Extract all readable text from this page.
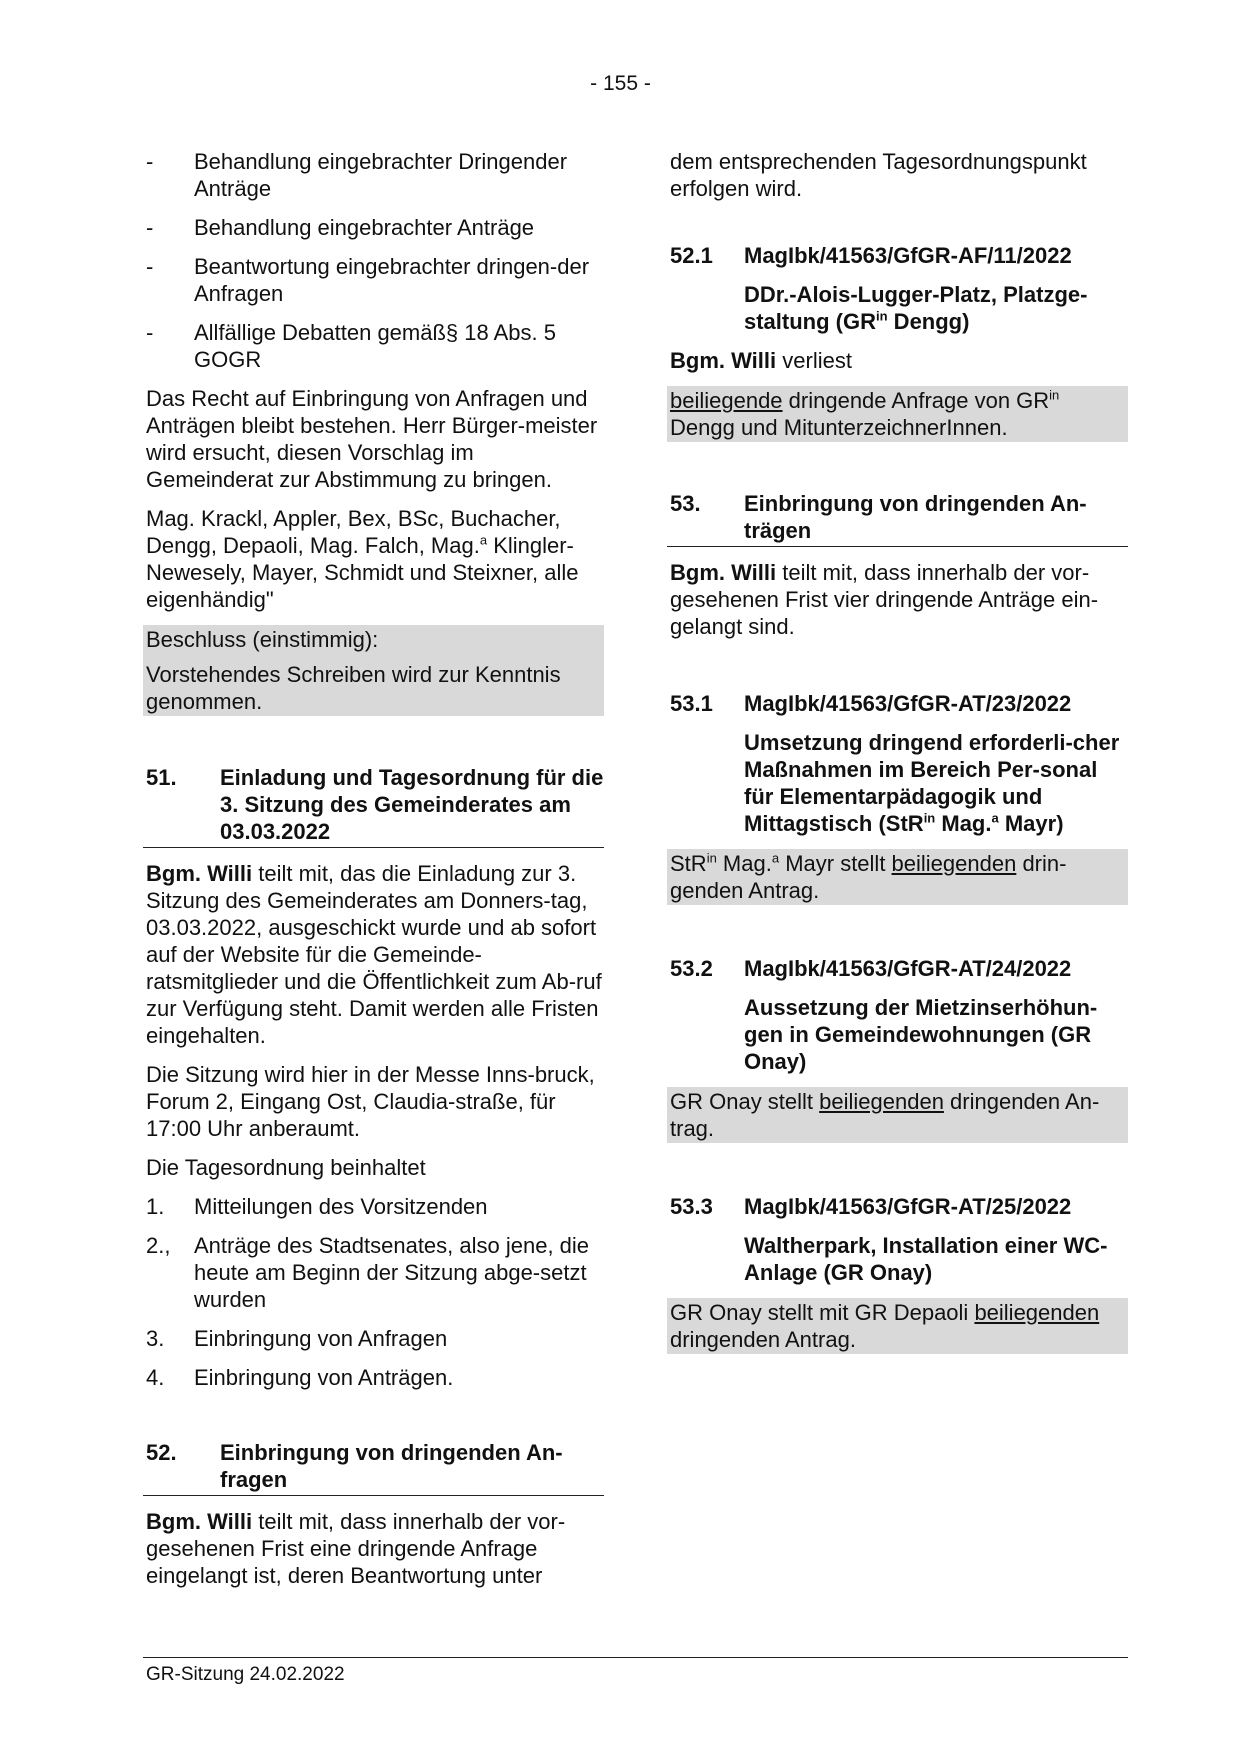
- 155 -
- Behandlung eingebrachter Dringender Anträge
- Behandlung eingebrachter Anträge
- Beantwortung eingebrachter dringen-der Anfragen
- Allfällige Debatten gemäß§ 18 Abs. 5 GOGR

Das Recht auf Einbringung von Anfragen und Anträgen bleibt bestehen. Herr Bürger-meister wird ersucht, diesen Vorschlag im Gemeinderat zur Abstimmung zu bringen.

Mag. Krackl, Appler, Bex, BSc, Buchacher, Dengg, Depaoli, Mag. Falch, Mag.$^a$ Klingler-Newesely, Mayer, Schmidt und Steixner, alle eigenhändig"

Beschluss (einstimmig):

Vorstehendes Schreiben wird zur Kenntnis genommen.

51. Einladung und Tagesordnung für die 3. Sitzung des Gemeinderates am 03.03.2022

Bgm. Willi teilt mit, das die Einladung zur 3. Sitzung des Gemeinderates am Donners-tag, 03.03.2022, ausgeschickt wurde und ab sofort auf der Website für die Gemeinde-ratsmitglieder und die Öffentlichkeit zum Ab-ruf zur Verfügung steht. Damit werden alle Fristen eingehalten.

Die Sitzung wird hier in der Messe Inns-bruck, Forum 2, Eingang Ost, Claudia-straße, für 17:00 Uhr anberaumt.

Die Tagesordnung beinhaltet

1. Mitteilungen des Vorsitzenden
2., Anträge des Stadtsenates, also jene, die heute am Beginn der Sitzung abge-setzt wurden
3. Einbringung von Anfragen
4. Einbringung von Anträgen.
52. Einbringung von dringenden An-fragen

Bgm. Willi teilt mit, dass innerhalb der vor-gesehenen Frist eine dringende Anfrage eingelangt ist, deren Beantwortung unter

dem entsprechenden Tagesordnungspunkt erfolgen wird.

52.1 MagIbk/41563/GfGR-AF/11/2022
DDr.-Alois-Lugger-Platz, Platzge-staltung ($GR^{in}$ Dengg)

Bgm. Willi verliest

beiliegende dringende Anfrage von $GR^{in}$ Dengg und MitunterzeichnerInnen.
53. Einbringung von dringenden An-trägen

Bgm. Willi teilt mit, dass innerhalb der vor-gesehenen Frist vier dringende Anträge ein-gelangt sind.

53.1 MagIbk/41563/GfGR-AT/23/2022
Umsetzung dringend erforderli-cher Maßnahmen im Bereich Per-sonal für Elementarpädagogik und Mittagstisch (StR$^{in}$ Mag.$^a$ Mayr)
StR$^{in}$ Mag.$^a$ Mayr stellt beiliegenden drin-genden Antrag.
53.2 MagIbk/41563/GfGR-AT/24/2022
Aussetzung der Mietzinserhöhun-gen in Gemeindewohnungen (GR Onay)
GR Onay stellt beiliegenden dringenden An-trag.
53.3 MagIbk/41563/GfGR-AT/25/2022
Waltherpark, Installation einer WC-Anlage (GR Onay)
GR Onay stellt mit GR Depaoli beiliegenden dringenden Antrag.
GR-Sitzung 24.02.2022
